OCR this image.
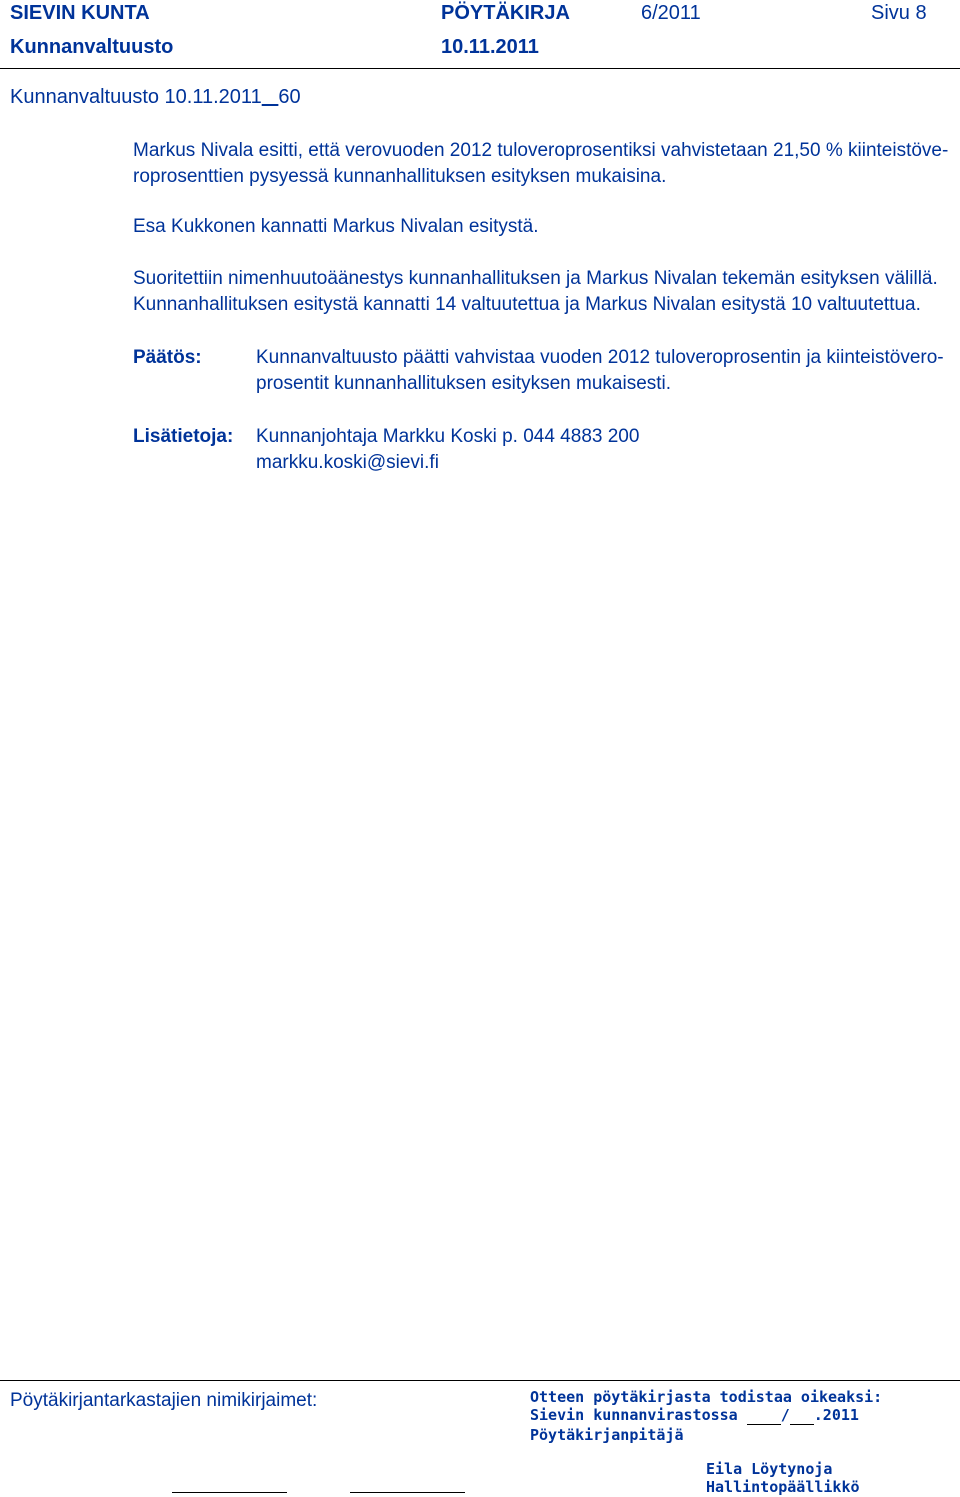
SIEVIN KUNTA	PÖYTÄKIRJA	6/2011	Sivu 8
Kunnanvaltuusto	10.11.2011
Kunnanvaltuusto 10.11.2011 60
Markus Nivala esitti, että verovuoden 2012 tuloveroprosentiksi vahvistetaan 21,50 % kiinteistöve-
roprosenttien pysyessä kunnanhallituksen esityksen mukaisina.
Esa Kukkonen kannatti Markus Nivalan esitystä.
Suoritettiin nimenhuutoäänestys kunnanhallituksen ja Markus Nivalan tekemän esityksen välillä.
Kunnanhallituksen esitystä kannatti 14 valtuutettua ja Markus Nivalan esitystä 10 valtuutettua.
Päätös:	Kunnanvaltuusto päätti vahvistaa vuoden 2012 tuloveroprosentin ja kiinteistövero-
prosentit kunnanhallituksen esityksen mukaisesti.
Lisätietoja: Kunnanjohtaja Markku Koski p. 044 4883 200
markku.koski@sievi.fi
Pöytäkirjantarkastajien nimikirjaimet:	Otteen pöytäkirjasta todistaa oikeaksi:
Sievin kunnanvirastossa	/ .2011
Pöytäkirjanpitäjä
Eila Löytynoja
Hallintopäällikkö
